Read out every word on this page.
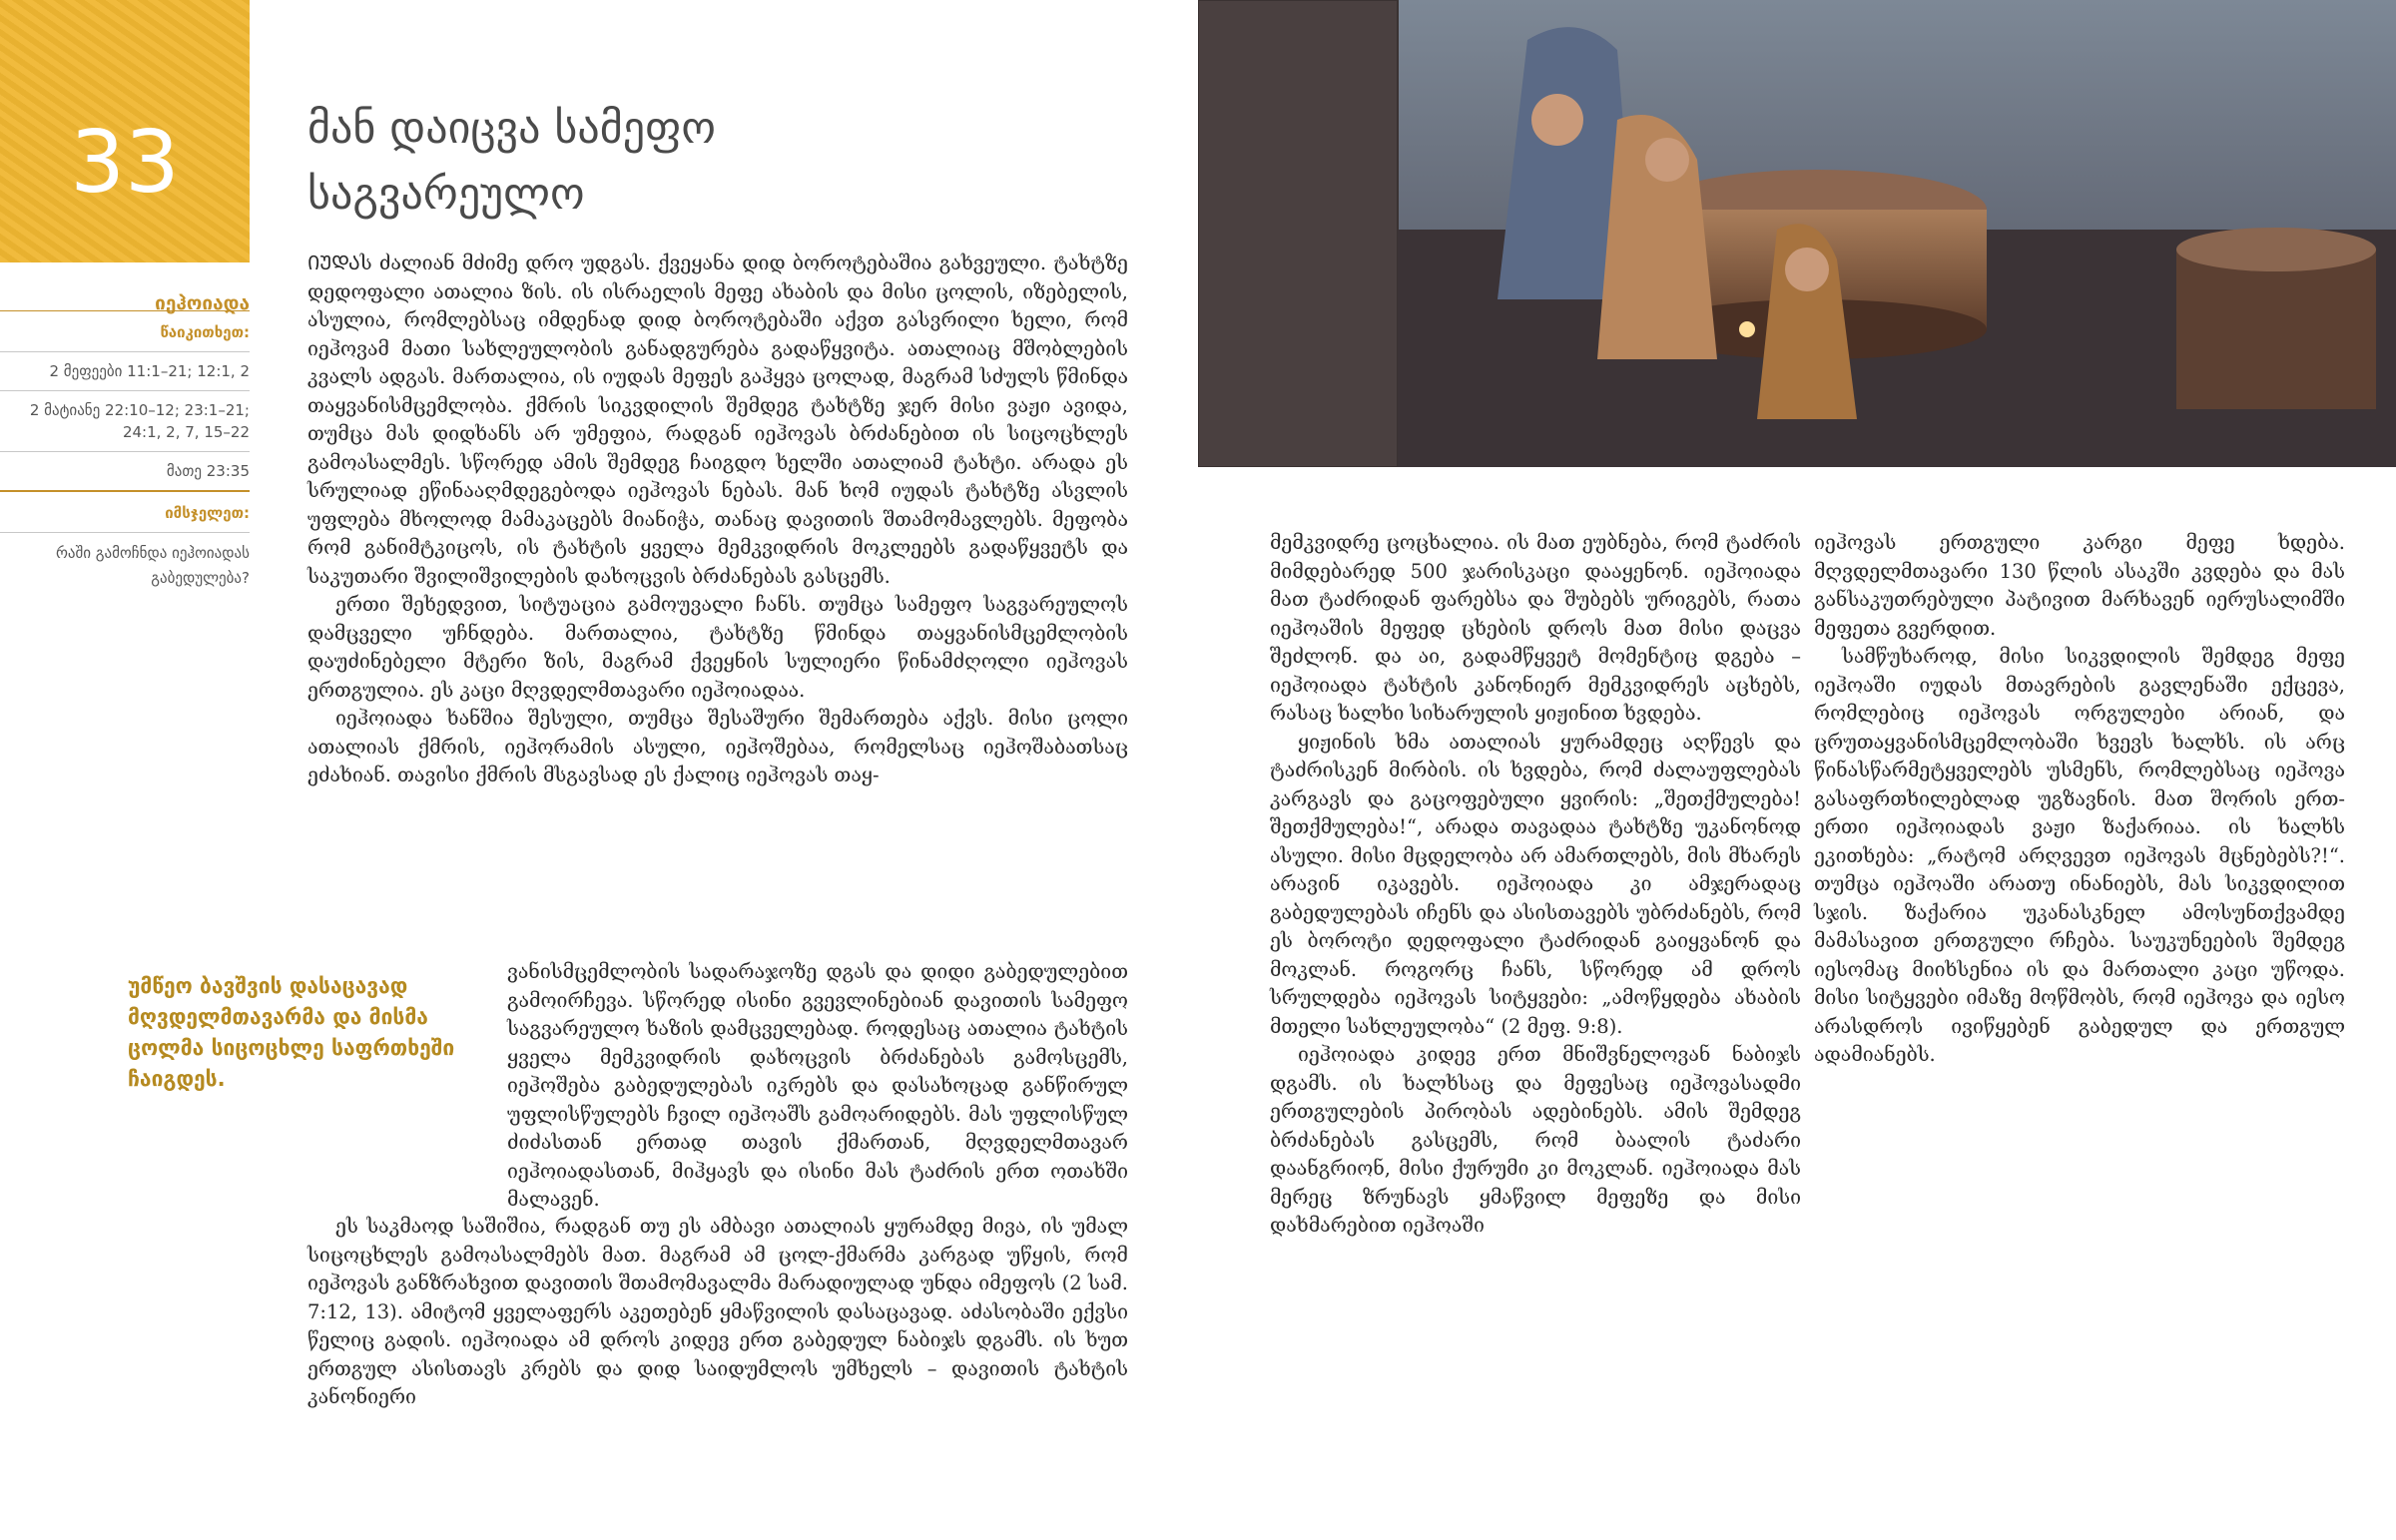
33
იეჰოიადა
წაიკითხეთ:
2 მეფეები 11:1–21; 12:1, 2
2 მატიანე 22:10–12; 23:1–21; 24:1, 2, 7, 15–22
მათე 23:35
იმსჯელეთ:
რაში გამოჩნდა იეჰოიადას გაბედულება?
მან დაიცვა სამეფო
საგვარეულო

ᲘᲣᲓᲐს ძალიან მძიმე დრო უდგას. ქვეყანა დიდ ბოროტებაშია გახვეული. ტახტზე დედოფალი ათალია ზის. ის ისრაელის მეფე ახაბის და მისი ცოლის, იზებელის, ასულია, რომლებსაც იმდენად დიდ ბოროტებაში აქვთ გასვრილი ხელი, რომ იეჰოვამ მათი სახლეულობის განადგურება გადაწყვიტა. ათალიაც მშობლების კვალს ადგას. მართალია, ის იუდას მეფეს გაჰყვა ცოლად, მაგრამ სძულს წმინდა თაყვანისმცემლობა. ქმრის სიკვდილის შემდეგ ტახტზე ჯერ მისი ვაჟი ავიდა, თუმცა მას დიდხანს არ უმეფია, რადგან იეჰოვას ბრძანებით ის სიცოცხლეს გამოასალმეს. სწორედ ამის შემდეგ ჩაიგდო ხელში ათალიამ ტახტი. არადა ეს სრულიად ეწინააღმდეგებოდა იეჰოვას ნებას. მან ხომ იუდას ტახტზე ასვლის უფლება მხოლოდ მამაკაცებს მიანიჭა, თანაც დავითის შთამომავლებს. მეფობა რომ განიმტკიცოს, ის ტახტის ყველა მემკვიდრის მოკლეებს გადაწყვეტს და საკუთარი შვილიშვილების დახოცვის ბრძანებას გასცემს.

ერთი შეხედვით, სიტუაცია გამოუვალი ჩანს. თუმცა სამეფო საგვარეულოს დამცველი უჩნდება. მართალია, ტახტზე წმინდა თაყვანისმცემლობის დაუძინებელი მტერი ზის, მაგრამ ქვეყნის სულიერი წინამძღოლი იეჰოვას ერთგულია. ეს კაცი მღვდელმთავარი იეჰოიადაა.

იეჰოიადა ხანშია შესული, თუმცა შესაშური შემართება აქვს. მისი ცოლი ათალიას ქმრის, იეჰორამის ასული, იეჰოშებაა, რომელსაც იეჰოშაბათსაც ეძახიან. თავისი ქმრის მსგავსად ეს ქალიც იეჰოვას თაყ-

უმწეო ბავშვის დასაცავად მღვდელმთავარმა და მისმა ცოლმა სიცოცხლე საფრთხეში ჩაიგდეს.

ვანისმცემლობის სადარაჯოზე დგას და დიდი გაბედულებით გამოირჩევა. სწორედ ისინი გვევლინებიან დავითის სამეფო საგვარეულო ხაზის დამცველებად. როდესაც ათალია ტახტის ყველა მემკვიდრის დახოცვის ბრძანებას გამოსცემს, იეჰოშება გაბედულებას იკრებს და დასახოცად განწირულ უფლისწულებს ჩვილ იეჰოაშს გამოარიდებს. მას უფლისწულ ძიძასთან ერთად თავის ქმართან, მღვდელმთავარ იეჰოიადასთან, მიჰყავს და ისინი მას ტაძრის ერთ ოთახში მალავენ.

ეს საკმაოდ საშიშია, რადგან თუ ეს ამბავი ათალიას ყურამდე მივა, ის უმალ სიცოცხლეს გამოასალმებს მათ. მაგრამ ამ ცოლ-ქმარმა კარგად უწყის, რომ იეჰოვას განზრახვით დავითის შთამომავალმა მარადიულად უნდა იმეფოს (2 სამ. 7:12, 13). ამიტომ ყველაფერს აკეთებენ ყმაწვილის დასაცავად. აძასობაში ექვსი წელიც გადის. იეჰოიადა ამ დროს კიდევ ერთ გაბედულ ნაბიჯს დგამს. ის ხუთ ერთგულ ასისთავს კრებს და დიდ საიდუმლოს უმხელს – დავითის ტახტის კანონიერი

მემკვიდრე ცოცხალია. ის მათ ეუბნება, რომ ტაძრის მიმდებარედ 500 ჯარისკაცი დააყენონ. იეჰოიადა მათ ტაძრიდან ფარებსა და შუბებს ურიგებს, რათა იეჰოაშის მეფედ ცხების დროს მათ მისი დაცვა შეძლონ. და აი, გადამწყვეტ მომენტიც დგება – იეჰოიადა ტახტის კანონიერ მემკვიდრეს აცხებს, რასაც ხალხი სიხარულის ყიჟინით ხვდება.

ყიჟინის ხმა ათალიას ყურამდეც აღწევს და ტაძრისკენ მირბის. ის ხვდება, რომ ძალაუფლებას კარგავს და გაცოფებული ყვირის: „შეთქმულება! შეთქმულება!“, არადა თავადაა ტახტზე უკანონოდ ასული. მისი მცდელობა არ ამართლებს, მის მხარეს არავინ იკავებს. იეჰოიადა კი ამჯერადაც გაბედულებას იჩენს და ასისთავებს უბრძანებს, რომ ეს ბოროტი დედოფალი ტაძრიდან გაიყვანონ და მოკლან. როგორც ჩანს, სწორედ ამ დროს სრულდება იეჰოვას სიტყვები: „ამოწყდება ახაბის მთელი სახლეულობა“ (2 მეფ. 9:8).

იეჰოიადა კიდევ ერთ მნიშვნელოვან ნაბიჯს დგამს. ის ხალხსაც და მეფესაც იეჰოვასადმი ერთგულების პირობას ადებინებს. ამის შემდეგ ბრძანებას გასცემს, რომ ბაალის ტაძარი დაანგრიონ, მისი ქურუმი კი მოკლან. იეჰოიადა მას მერეც ზრუნავს ყმაწვილ მეფეზე და მისი დახმარებით იეჰოაში

იეჰოვას ერთგული კარგი მეფე ხდება. მღვდელმთავარი 130 წლის ასაკში კვდება და მას განსაკუთრებული პატივით მარხავენ იერუსალიმში მეფეთა გვერდით.

სამწუხაროდ, მისი სიკვდილის შემდეგ მეფე იეჰოაში იუდას მთავრების გავლენაში ექცევა, რომლებიც იეჰოვას ორგულები არიან, და ცრუთაყვანისმცემლობაში ხვევს ხალხს. ის არც წინასწარმეტყველებს უსმენს, რომლებსაც იეჰოვა გასაფრთხილებლად უგზავნის. მათ შორის ერთ-ერთი იეჰოიადას ვაჟი ზაქარიაა. ის ხალხს ეკითხება: „რატომ არღვევთ იეჰოვას მცნებებს?!“. თუმცა იეჰოაში არათუ ინანიებს, მას სიკვდილით სჯის. ზაქარია უკანასკნელ ამოსუნთქვამდე მამასავით ერთგული რჩება. საუკუნეების შემდეგ იესომაც მიიხსენია ის და მართალი კაცი უწოდა. მისი სიტყვები იმაზე მოწმობს, რომ იეჰოვა და იესო არასდროს ივიწყებენ გაბედულ და ერთგულ ადამიანებს.
